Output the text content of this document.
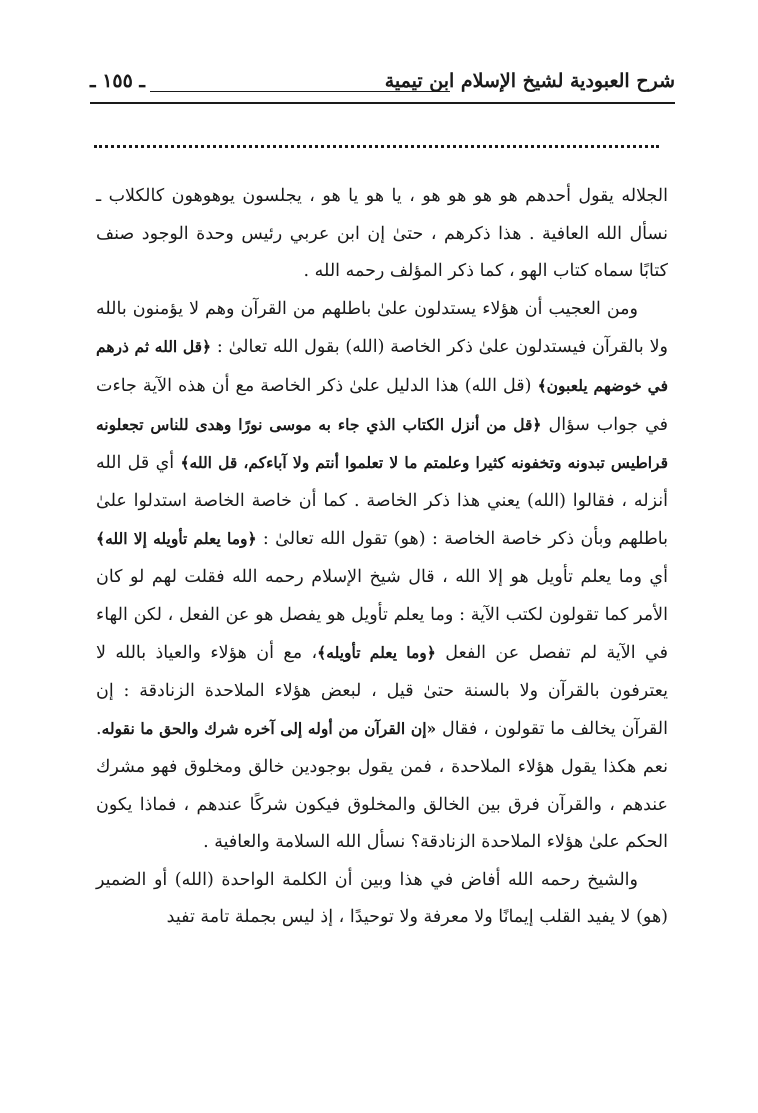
شرح العبودية لشيخ الإسلام ابن تيمية
ـ ١٥٥ ـ

الجلاله يقول أحدهم هو هو هو هو ، يا هو يا هو ، يجلسون يوهوهون كالكلاب ـ نسأل الله العافية . هذا ذكرهم ، حتىٰ إن ابن عربي رئيس وحدة الوجود صنف كتابًا سماه كتاب الهو ، كما ذكر المؤلف رحمه الله .

ومن العجيب أن هؤلاء يستدلون علىٰ باطلهم من القرآن وهم لا يؤمنون بالله ولا بالقرآن فيستدلون علىٰ ذكر الخاصة (الله) بقول الله تعالىٰ : ﴿قل الله ثم ذرهم في خوضهم يلعبون﴾ (قل الله) هذا الدليل علىٰ ذكر الخاصة مع أن هذه الآية جاءت في جواب سؤال ﴿قل من أنزل الكتاب الذي جاء به موسى نورًا وهدى للناس تجعلونه قراطيس تبدونه وتخفونه كثيرا وعلمتم ما لا تعلموا أنتم ولا آباءكم، قل الله﴾ أي قل الله أنزله ، فقالوا (الله) يعني هذا ذكر الخاصة . كما أن خاصة الخاصة استدلوا علىٰ باطلهم وبأن ذكر خاصة الخاصة : (هو) تقول الله تعالىٰ : ﴿وما يعلم تأويله إلا الله﴾ أي وما يعلم تأويل هو إلا الله ، قال شيخ الإسلام رحمه الله فقلت لهم لو كان الأمر كما تقولون لكتب الآية : وما يعلم تأويل هو يفصل هو عن الفعل ، لكن الهاء في الآية لم تفصل عن الفعل ﴿وما يعلم تأويله﴾، مع أن هؤلاء والعياذ بالله لا يعترفون بالقرآن ولا بالسنة حتىٰ قيل ، لبعض هؤلاء الملاحدة الزنادقة : إن القرآن يخالف ما تقولون ، فقال «إن القرآن من أوله إلى آخره شرك والحق ما نقوله. نعم هكذا يقول هؤلاء الملاحدة ، فمن يقول بوجودين خالق ومخلوق فهو مشرك عندهم ، والقرآن فرق بين الخالق والمخلوق فيكون شركًا عندهم ، فماذا يكون الحكم علىٰ هؤلاء الملاحدة الزنادقة؟ نسأل الله السلامة والعافية .

والشيخ رحمه الله أفاض في هذا وبين أن الكلمة الواحدة (الله) أو الضمير (هو) لا يفيد القلب إيمانًا ولا معرفة ولا توحيدًا ، إذ ليس بجملة تامة تفيد
